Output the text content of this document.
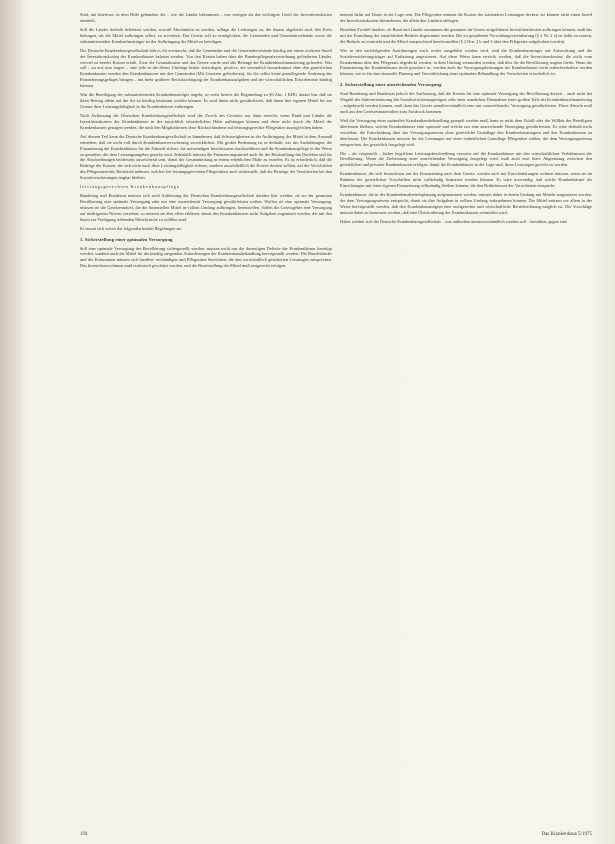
Sind, mit Interesse; in dem Hilfe gebunden, die – wie die Länder bekommen – von wenigen als das wichtigste Urteil der Investitionskosten ermittelt.

Soll die Länder deshalb beliebtest werden, sowohl Abschnitten zu werden, selbige die Leistungen zu, die daraus abgeleitet sind, den Kreis beitragen, als die Mittel aufbringen selbst, zu erweitern. Das Gesetz soll zu ermöglichen, die Gemeinden und Gemeindeverbände sowie die substantiierenden Krankenhausträger an der Aufbringung der Mittel zu beteiligen.

Die Deutsche Krankenhausgesellschaft hält es für erwünscht, daß die Gemeinden und die Gemeindeverbände künftig mit einem sicheren Anteil der Investitionskosten der Krankenhäuser belastet werden. Von den Kosten haben über die Bundespflegesatzverordnung geförderten Länder, wieviel zu bereits Kosten erfaßt, Zwar die Gesamtkosten und das Gesetz wurde und alle Belange der Krankenhausfinanzierung gefordert. Was soll – zu erst nun fragen – eine jede in die dieses Umfangs bisher festzulegen, positive, die wesentlich herauskommt ohne den gesetzlichen Krankenkassen werden den Krankenhäusern mit den Gemeinden (Mit Gesetzen geförderten), für die selbst keine grundlegende Änderung des Finanzierungsgefüges bringen – mit mehr größerer Berücksichtigung der Krankenhausaufgaben und der wirtschaftlichen Erfordernisse künftig können.

Was die Beteiligung der substantiierenden Krankenhausträger angeht, so weist bereits die Begründung zu §6 Abs. 1 KHG darauf hin, daß sie ihren Beitrag allein auf die Art zu künftig bestimmt werden können. Es wird ihnen nicht gewährleistet, daß ihnen ihre eigenen Mittel bis zur Grenze ihrer Leistungsfähigkeit in die Krankenhäuser einbringen.

Nach Auffassung der Deutschen Krankenhausgesellschaft wird der Zweck des Gesetzes nur dann erreicht, wenn Bund und Länder die Investitionskosten der Krankenhäuser in der tatsächlich erforderlichen Höhe aufbringen können und diese nicht durch die Mittel der Krankenkassen getragen werden, die nach den Möglichkeiten ohne Rücksichtnahme auf leistungsgerechte Pflegesätze auszugleichen haben.

Auf diesem Teil kann die Deutsche Krankenhausgesellschaft es hinnehmen, daß Schwierigkeiten in der Aufbringung der Mittel in dem Ausmaß entstehen, daß sie nicht voll durch Krankenhausversicherung verwirklichen. Mit großer Bedeutung ist es deshalb, wie der Ausbildungen, die Finanzierung der Krankenhäuser für die Zukunft sichert, die notwendigen Investitionen durchzuführen und die Krankenhauspflege in der Weise zu gestalten, die dem Leistungsangebot gerecht wird. Jedenfalls müssen die Finanzierungsmittel auch für die Rückzahlung der Darlehen und für die Abschreibungen beiderseits ausreichend sein, damit der Gesamtumfang in einem erheblichen Maße zu erzielen. Es ist erforderlich, daß die Beiträge der Kassen, die sich nicht nach ihrer Leistungsfähigkeit richten, sondern ausschließlich die Kosten decken sollten, auf die Vorschriften des Pflegesatzrechts Rücksicht nehmen, welches bei leistungsgerechten Pflegesätzen auch sicherstellt, daß die Beiträge der Versicherten bei den Sozialversicherungen tragbar bleiben.

leistungsgerechten Krankenhauspflege

Bundestag und Bundesrat müssen sich nach Auffassung der Deutschen Krankenhausgesellschaft darüber klar werden, ob sie der gesamten Bevölkerung eine optimale Versorgung oder nur eine ausreichende Versorgung gewährleisten wollen. Wollen sie eine optimale Versorgung, müssen sie die Gesetzesmittel, die die finanziellen Mittel in vollem Umfang aufbringen, bereitstellen. Sollen die Gesetzgeber eine Versorgung auf niedrigerem Niveau vorsehen, so müssen sie dies offen erklären, damit den Krankenhäusern nicht Aufgaben zugemutet werden, die mit den ihnen zur Verfügung stehenden Mitteln nicht zu erfüllen sind.

Es lassen sich weiter die folgenden beiden Regelungen an:

1. Sicherstellung einer optimalen Versorgung

Soll eine optimale Versorgung der Bevölkerung sichergestellt werden, müssen nicht nur die derzeitigen Defizite der Krankenhäuser beseitigt werden, sondern auch die Mittel für die künftig steigenden Anforderungen der Krankenhausbehandlung bereitgestellt werden. Die Bundesländer und die Kommunen müssen sich hierüber verständigen und Pflegesätze berechnen, die den wirtschaftlich gesicherten Leistungen entsprechen. Das Investitionsvolumen muß realistisch geschätzt werden, und die Bereitstellung der Mittel muß zeitgerecht erfolgen.

müssen dafür auf Dauer in der Lage sein. Die Pflegesätze müssen die Kosten der stationären Leistungen decken; sie können nicht einen Anteil der Investitionskosten übernehmen, die allein den Ländern obliegen.

Bestehen Zweifel darüber, ob Bund und Länder zusammen die gesamten im Gesetz aufgeführten Investitionskosten aufbringen können, muß das mit der Ermittlung der tatsächlichen Bedarfe abgestimmt werden. Die zu gestaltende Verwaltungsvereinbarung (§ 2 Nr. 2 a) ist dafür zu nutzen, die Bedarfe zu ermitteln und die Mittel entsprechend bereitzustellen (§ 2 Nrn. 2 b und 3 über den Pflegesatz aufgehoben werden).

Wie in den nachfolgenden Ausführungen noch weiter ausgeführt werden wird, sind die Krankenhausträger auf Aufstockung und die Sozialversicherungsträger auf Entlastung angewiesen. Auf diese Weise kann erreicht werden, daß die Investitionskosten, die nicht vom Krankenhaus über den Pflegesatz abgedeckt werden, in dem Umfang vermindert werden, daß dies für die Bevölkerung tragbar bleibt. Wenn die Finanzierung der Krankenhäuser nicht gesichert ist, werden auch die Versorgungsleistungen der Krankenhäuser nicht aufrechterhalten werden können, wie es für eine sinnvolle Planung und Verwirklichung einer optimalen Behandlung der Versicherten erforderlich ist.

2. Sicherstellung einer ausreichenden Versorgung

Sind Bundestag und Bundesrat jedoch der Auffassung, daß die Kosten für eine optimale Versorgung der Bevölkerung derzeit – auch nicht bei Wegfall der Subventionierung des Sozialversicherungsträgers oder einer staatlichen Übernahme eines großen Teils der Krankenhausfinanzierung – aufgebracht werden können, muß dann das Gesetz unmißverständlich eine nur »ausreichende« Versorgung gewährleisten. Diese Absicht muß auch aus den Gesetzesmaterialien zum Ausdruck kommen.

Weil die Versorgung einer optimalen Krankenhausbehandlung geregelt werden muß, kann es nicht dem Zufall oder der Willkür der Beteiligten überlassen bleiben, welche Krankenhäuser eine optimale und welche nur eine ausreichende Versorgung gewährleisten. Es wäre deshalb nicht vertretbar, die Entscheidung über das Versorgungsniveau ohne gesetzliche Grundlage den Krankenhausträgern und den Krankenkassen zu überlassen. Die Krankenkassen müssen für die Leistungen auf einer einheitlichen Grundlage Pflegesätze zahlen, die dem Versorgungsniveau entsprechen, das gesetzlich festgelegt wird.

Die – als vorgestellt – bisher begriffene Leistungsbeschreibung verweist auf die Krankenhäuser mit den wirtschaftlichen Verhältnissen der Bevölkerung. Wenn die Zielsetzung einer ausreichenden Versorgung festgelegt wird, muß auch eine klare Abgrenzung zwischen den gesetzlichen und privaten Krankenkassen erfolgen, damit die Krankenhäuser in der Lage sind, ihren Leistungen gerecht zu werden.

Krankenhäuser, die sich herauslösen aus der Finanzierung nach dem Gesetz, werden auch mit Einschränkungen rechnen müssen, wenn sie im Rahmen der gesetzlichen Vorschriften nicht vollständig finanziert werden können. Es wäre notwendig, daß solche Krankenhäuser als Einrichtungen mit einer eigenen Finanzierung selbständig bleiben können, die den Bedürfnissen der Versicherten entspricht.

Krankenhäuser, die in der Krankenhausbedarfsplanung aufgenommen werden, müssen daher in einem Umfang mit Mitteln ausgestattet werden, der dem Versorgungsniveau entspricht, damit sie ihre Aufgaben in vollem Umfang wahrnehmen können. Die Mittel müssen vor allem in der Weise bereitgestellt werden, daß den Krankenhausträgern eine sachgerechte und wirtschaftliche Betriebsführung möglich ist. Die Vorschläge müssen dabei so bemessen werden, daß eine Überforderung der Krankenkassen vermieden wird.

Daher werden sich die Deutsche Krankenhausgesellschaft – was außerdem unmissverständlich werden soll – bemühen, gegen eine

194	Das Krankenhaus 5/1975
